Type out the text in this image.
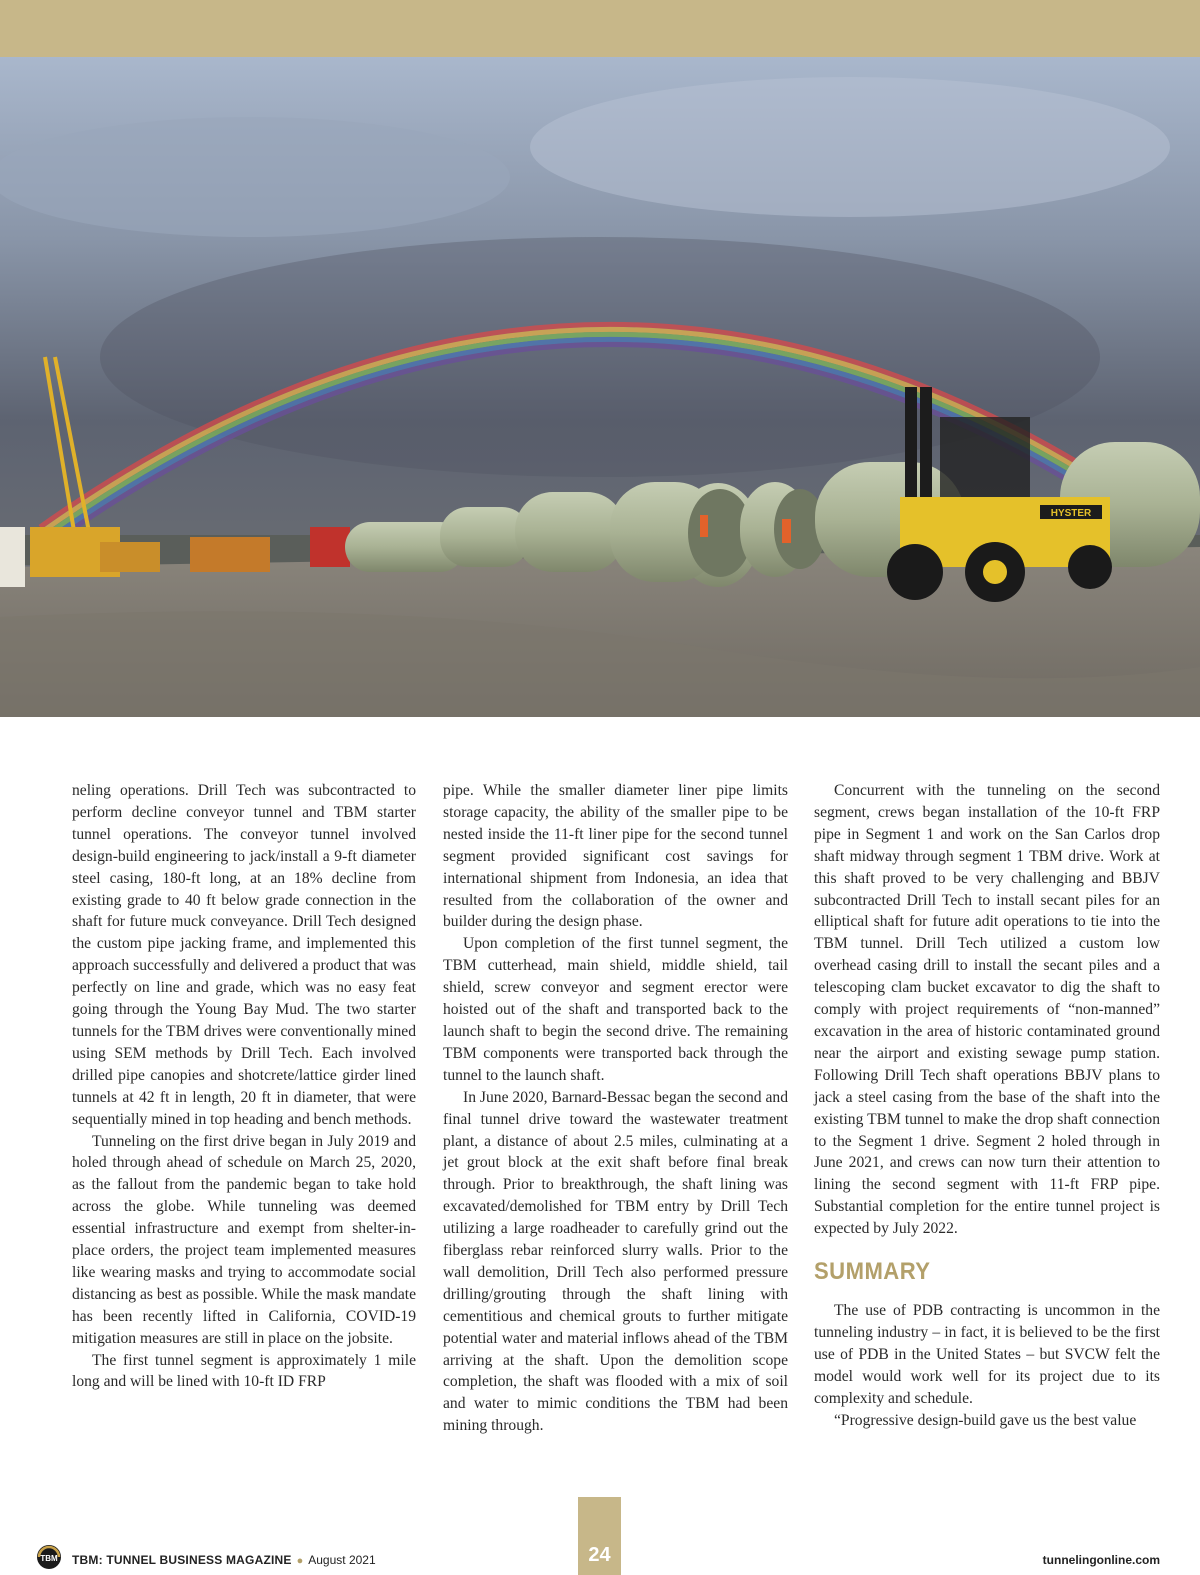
HYSTER

neling operations. Drill Tech was subcontracted to perform decline conveyor tunnel and TBM starter tunnel operations. The conveyor tunnel involved design-build engineering to jack/install a 9-ft diameter steel casing, 180-ft long, at an 18% decline from existing grade to 40 ft below grade connection in the shaft for future muck conveyance. Drill Tech designed the custom pipe jacking frame, and implemented this approach successfully and delivered a product that was perfectly on line and grade, which was no easy feat going through the Young Bay Mud. The two starter tunnels for the TBM drives were conventionally mined using SEM methods by Drill Tech. Each involved drilled pipe canopies and shotcrete/lattice girder lined tunnels at 42 ft in length, 20 ft in diameter, that were sequentially mined in top heading and bench methods.

Tunneling on the first drive began in July 2019 and holed through ahead of schedule on March 25, 2020, as the fallout from the pandemic began to take hold across the globe. While tunneling was deemed essential infrastructure and exempt from shelter-in-place orders, the project team implemented measures like wearing masks and trying to accommodate social distancing as best as possible. While the mask mandate has been recently lifted in California, COVID-19 mitigation measures are still in place on the jobsite.

The first tunnel segment is approximately 1 mile long and will be lined with 10-ft ID FRP

pipe. While the smaller diameter liner pipe limits storage capacity, the ability of the smaller pipe to be nested inside the 11-ft liner pipe for the second tunnel segment provided significant cost savings for international shipment from Indonesia, an idea that resulted from the collaboration of the owner and builder during the design phase.

Upon completion of the first tunnel segment, the TBM cutterhead, main shield, middle shield, tail shield, screw conveyor and segment erector were hoisted out of the shaft and transported back to the launch shaft to begin the second drive. The remaining TBM components were transported back through the tunnel to the launch shaft.

In June 2020, Barnard-Bessac began the second and final tunnel drive toward the wastewater treatment plant, a distance of about 2.5 miles, culminating at a jet grout block at the exit shaft before final break through. Prior to breakthrough, the shaft lining was excavated/demolished for TBM entry by Drill Tech utilizing a large roadheader to carefully grind out the fiberglass rebar reinforced slurry walls. Prior to the wall demolition, Drill Tech also performed pressure drilling/grouting through the shaft lining with cementitious and chemical grouts to further mitigate potential water and material inflows ahead of the TBM arriving at the shaft. Upon the demolition scope completion, the shaft was flooded with a mix of soil and water to mimic conditions the TBM had been mining through.

Concurrent with the tunneling on the second segment, crews began installation of the 10-ft FRP pipe in Segment 1 and work on the San Carlos drop shaft midway through segment 1 TBM drive. Work at this shaft proved to be very challenging and BBJV subcontracted Drill Tech to install secant piles for an elliptical shaft for future adit operations to tie into the TBM tunnel. Drill Tech utilized a custom low overhead casing drill to install the secant piles and a telescoping clam bucket excavator to dig the shaft to comply with project requirements of “non-manned” excavation in the area of historic contaminated ground near the airport and existing sewage pump station. Following Drill Tech shaft operations BBJV plans to jack a steel casing from the base of the shaft into the existing TBM tunnel to make the drop shaft connection to the Segment 1 drive. Segment 2 holed through in June 2021, and crews can now turn their attention to lining the second segment with 11-ft FRP pipe. Substantial completion for the entire tunnel project is expected by July 2022.

SUMMARY

The use of PDB contracting is uncommon in the tunneling industry – in fact, it is believed to be the first use of PDB in the United States – but SVCW felt the model would work well for its project due to its complexity and schedule.

“Progressive design-build gave us the best value

TBM TBM: TUNNEL BUSINESS MAGAZINE ● August 2021	24	tunnelingonline.com
